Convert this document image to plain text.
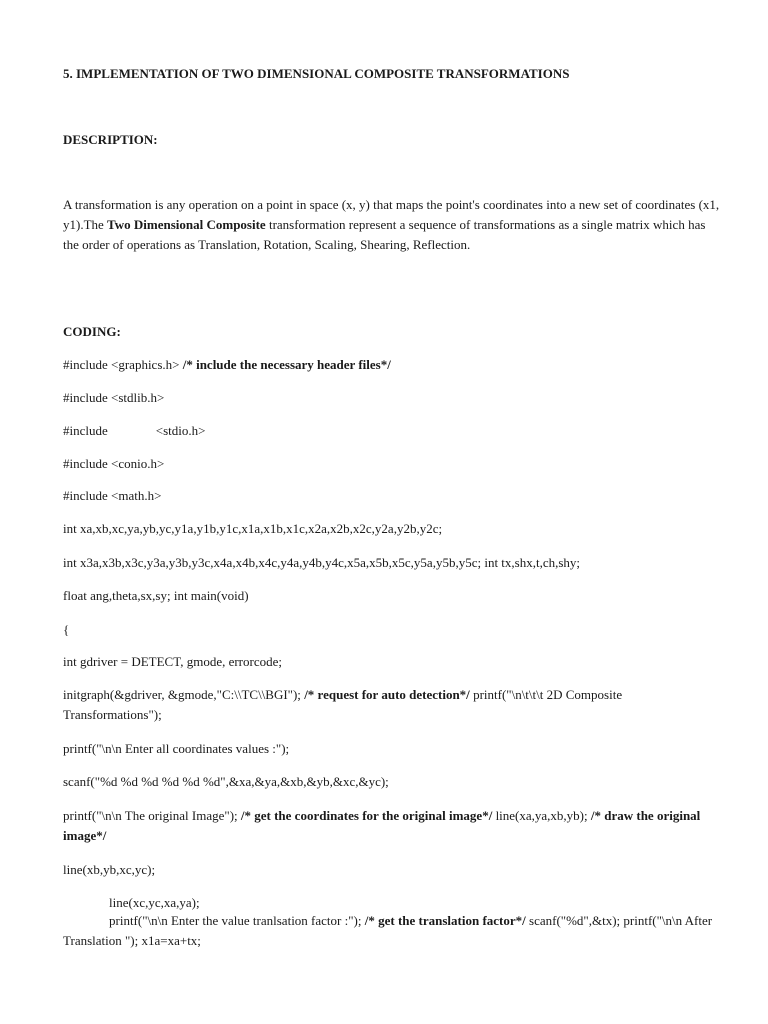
5. IMPLEMENTATION OF TWO DIMENSIONAL COMPOSITE TRANSFORMATIONS
DESCRIPTION:
A transformation is any operation on a point in space (x, y) that maps the point's coordinates into a new set of coordinates (x1, y1).The Two Dimensional Composite transformation represent a sequence of transformations as a single matrix which has the order of operations as Translation, Rotation, Scaling, Shearing, Reflection.
CODING:
#include <graphics.h> /* include the necessary header files*/
#include <stdlib.h>
#include	<stdio.h>
#include <conio.h>
#include <math.h>
int xa,xb,xc,ya,yb,yc,y1a,y1b,y1c,x1a,x1b,x1c,x2a,x2b,x2c,y2a,y2b,y2c;
int x3a,x3b,x3c,y3a,y3b,y3c,x4a,x4b,x4c,y4a,y4b,y4c,x5a,x5b,x5c,y5a,y5b,y5c; int tx,shx,t,ch,shy;
float ang,theta,sx,sy; int main(void)
{
int gdriver = DETECT, gmode, errorcode;
initgraph(&gdriver, &gmode,"C:\\TC\\BGI"); /* request for auto detection*/ printf("\n\t\t\t 2D Composite Transformations");
printf("\n\n Enter all coordinates values :");
scanf("%d %d %d %d %d %d",&xa,&ya,&xb,&yb,&xc,&yc);
printf("\n\n The original Image"); /* get the coordinates for the original image*/ line(xa,ya,xb,yb); /* draw the original image*/
line(xb,yb,xc,yc);
line(xc,yc,xa,ya);
printf("\n\n Enter the value tranlsation factor :"); /* get the translation factor*/ scanf("%d",&tx); printf("\n\n After Translation "); x1a=xa+tx;
